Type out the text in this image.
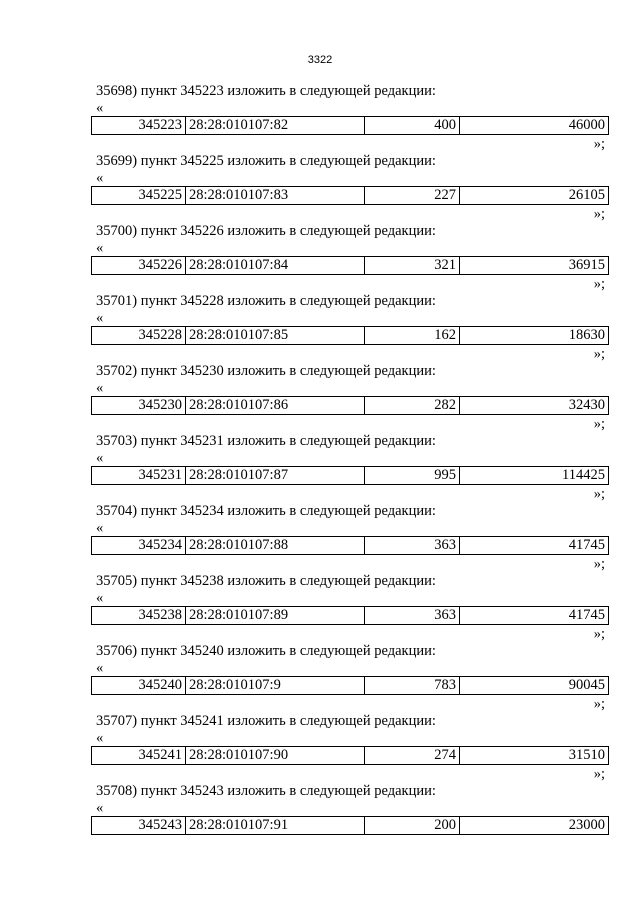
3322
35698) пункт 345223 изложить в следующей редакции:
«
345223	28:28:010107:82	400	46000
»;
35699) пункт 345225 изложить в следующей редакции:
«
345225	28:28:010107:83	227	26105
»;
35700) пункт 345226 изложить в следующей редакции:
«
345226	28:28:010107:84	321	36915
»;
35701) пункт 345228 изложить в следующей редакции:
«
345228	28:28:010107:85	162	18630
»;
35702) пункт 345230 изложить в следующей редакции:
«
345230	28:28:010107:86	282	32430
»;
35703) пункт 345231 изложить в следующей редакции:
«
345231	28:28:010107:87	995	114425
»;
35704) пункт 345234 изложить в следующей редакции:
«
345234	28:28:010107:88	363	41745
»;
35705) пункт 345238 изложить в следующей редакции:
«
345238	28:28:010107:89	363	41745
»;
35706) пункт 345240 изложить в следующей редакции:
«
345240	28:28:010107:9	783	90045
»;
35707) пункт 345241 изложить в следующей редакции:
«
345241	28:28:010107:90	274	31510
»;
35708) пункт 345243 изложить в следующей редакции:
«
345243	28:28:010107:91	200	23000
